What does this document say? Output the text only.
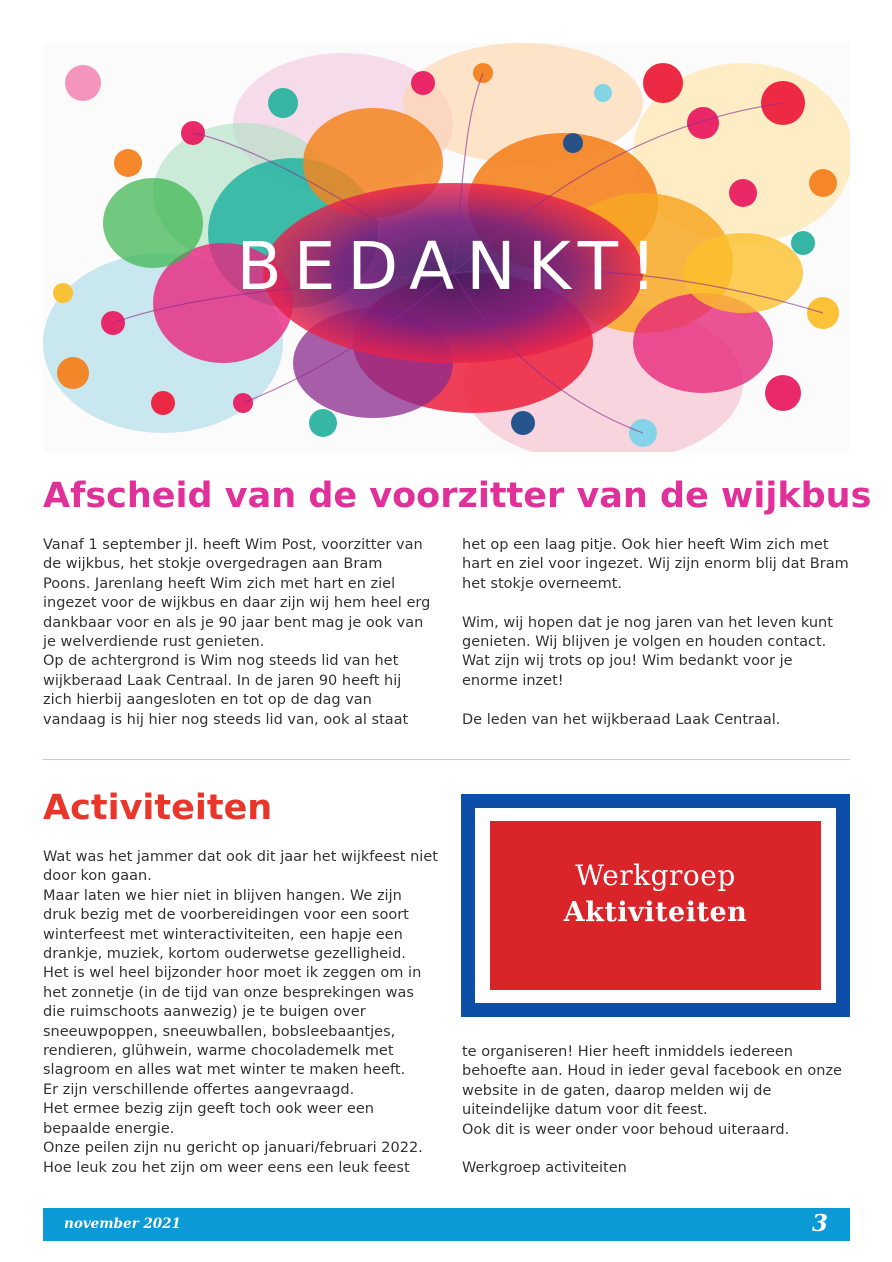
BEDANKT!
Afscheid van de voorzitter van de wijkbus

Vanaf 1 september jl. heeft Wim Post, voorzitter van de wijkbus, het stokje overgedragen aan Bram Poons. Jarenlang heeft Wim zich met hart en ziel ingezet voor de wijkbus en daar zijn wij hem heel erg dankbaar voor en als je 90 jaar bent mag je ook van je welverdiende rust genieten.

Op de achtergrond is Wim nog steeds lid van het wijkberaad Laak Centraal. In de jaren 90 heeft hij zich hierbij aangesloten en tot op de dag van vandaag is hij hier nog steeds lid van, ook al staat

het op een laag pitje. Ook hier heeft Wim zich met hart en ziel voor ingezet. Wij zijn enorm blij dat Bram het stokje overneemt.

Wim, wij hopen dat je nog jaren van het leven kunt genieten. Wij blijven je volgen en houden contact. Wat zijn wij trots op jou! Wim bedankt voor je enorme inzet!

De leden van het wijkberaad Laak Centraal.

Activiteiten

Wat was het jammer dat ook dit jaar het wijkfeest niet door kon gaan.

Maar laten we hier niet in blijven hangen. We zijn druk bezig met de voorbereidingen voor een soort winterfeest met winteractiviteiten, een hapje een drankje, muziek, kortom ouderwetse gezelligheid.

Het is wel heel bijzonder hoor moet ik zeggen om in het zonnetje (in de tijd van onze besprekingen was die ruimschoots aanwezig) je te buigen over sneeuwpoppen, sneeuwballen, bobsleebaantjes, rendieren, glühwein, warme chocolademelk met slagroom en alles wat met winter te maken heeft.

Er zijn verschillende offertes aangevraagd.

Het ermee bezig zijn geeft toch ook weer een bepaalde energie.

Onze peilen zijn nu gericht op januari/februari 2022. Hoe leuk zou het zijn om weer eens een leuk feest

Werkgroep
Aktiviteiten

te organiseren! Hier heeft inmiddels iedereen behoefte aan. Houd in ieder geval facebook en onze website in de gaten, daarop melden wij de uiteindelijke datum voor dit feest.

Ook dit is weer onder voor behoud uiteraard.

Werkgroep activiteiten

november 2021	3
